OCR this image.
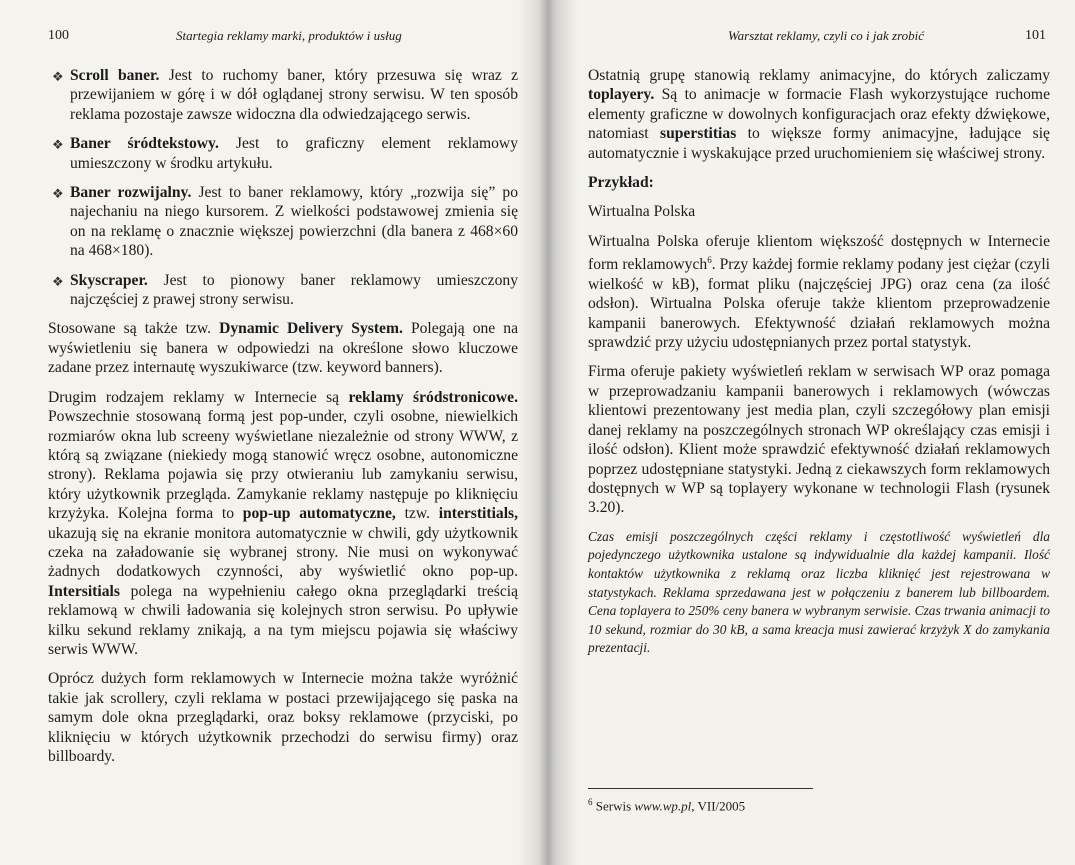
100	Startegia reklamy marki, produktów i usług
❖ Scroll baner. Jest to ruchomy baner, który przesuwa się wraz z przewijaniem w górę i w dół oglądanej strony serwisu. W ten sposób reklama pozostaje zawsze widoczna dla odwiedzającego serwis.
❖ Baner śródtekstowy. Jest to graficzny element reklamowy umieszczony w środku artykułu.
❖ Baner rozwijalny. Jest to baner reklamowy, który „rozwija się” po najechaniu na niego kursorem. Z wielkości podstawowej zmienia się on na reklamę o znacznie większej powierzchni (dla banera z 468×60 na 468×180).
❖ Skyscraper. Jest to pionowy baner reklamowy umieszczony najczęściej z prawej strony serwisu.

Stosowane są także tzw. Dynamic Delivery System. Polegają one na wyświetleniu się banera w odpowiedzi na określone słowo kluczowe zadane przez internautę wyszukiwarce (tzw. keyword banners).

Drugim rodzajem reklamy w Internecie są reklamy śródstronicowe. Powszechnie stosowaną formą jest pop-under, czyli osobne, niewielkich rozmiarów okna lub screeny wyświetlane niezależnie od strony WWW, z którą są związane (niekiedy mogą stanowić wręcz osobne, autonomiczne strony). Reklama pojawia się przy otwieraniu lub zamykaniu serwisu, który użytkownik przegląda. Zamykanie reklamy następuje po kliknięciu krzyżyka. Kolejna forma to pop-up automatyczne, tzw. interstitials, ukazują się na ekranie monitora automatycznie w chwili, gdy użytkownik czeka na załadowanie się wybranej strony. Nie musi on wykonywać żadnych dodatkowych czynności, aby wyświetlić okno pop-up. Intersitials polega na wypełnieniu całego okna przeglądarki treścią reklamową w chwili ładowania się kolejnych stron serwisu. Po upływie kilku sekund reklamy znikają, a na tym miejscu pojawia się właściwy serwis WWW.

Oprócz dużych form reklamowych w Internecie można także wyróżnić takie jak scrollery, czyli reklama w postaci przewijającego się paska na samym dole okna przeglądarki, oraz boksy reklamowe (przyciski, po kliknięciu w których użytkownik przechodzi do serwisu firmy) oraz billboardy.

Warsztat reklamy, czyli co i jak zrobić	101

Ostatnią grupę stanowią reklamy animacyjne, do których zaliczamy toplayery. Są to animacje w formacie Flash wykorzystujące ruchome elementy graficzne w dowolnych konfiguracjach oraz efekty dźwiękowe, natomiast superstitias to większe formy animacyjne, ładujące się automatycznie i wyskakujące przed uruchomieniem się właściwej strony.

Przykład:

Wirtualna Polska

Wirtualna Polska oferuje klientom większość dostępnych w Internecie form reklamowych$^6$. Przy każdej formie reklamy podany jest ciężar (czyli wielkość w kB), format pliku (najczęściej JPG) oraz cena (za ilość odsłon). Wirtualna Polska oferuje także klientom przeprowadzenie kampanii banerowych. Efektywność działań reklamowych można sprawdzić przy użyciu udostępnianych przez portal statystyk.

Firma oferuje pakiety wyświetleń reklam w serwisach WP oraz pomaga w przeprowadzaniu kampanii banerowych i reklamowych (wówczas klientowi prezentowany jest media plan, czyli szczegółowy plan emisji danej reklamy na poszczególnych stronach WP określający czas emisji i ilość odsłon). Klient może sprawdzić efektywność działań reklamowych poprzez udostępniane statystyki. Jedną z ciekawszych form reklamowych dostępnych w WP są toplayery wykonane w technologii Flash (rysunek 3.20).

Czas emisji poszczególnych części reklamy i częstotliwość wyświetleń dla pojedynczego użytkownika ustalone są indywidualnie dla każdej kampanii. Ilość kontaktów użytkownika z reklamą oraz liczba kliknięć jest rejestrowana w statystykach. Reklama sprzedawana jest w połączeniu z banerem lub billboardem. Cena toplayera to 250% ceny banera w wybranym serwisie. Czas trwania animacji to 10 sekund, rozmiar do 30 kB, a sama kreacja musi zawierać krzyżyk X do zamykania prezentacji.

$^6$ Serwis www.wp.pl, VII/2005
